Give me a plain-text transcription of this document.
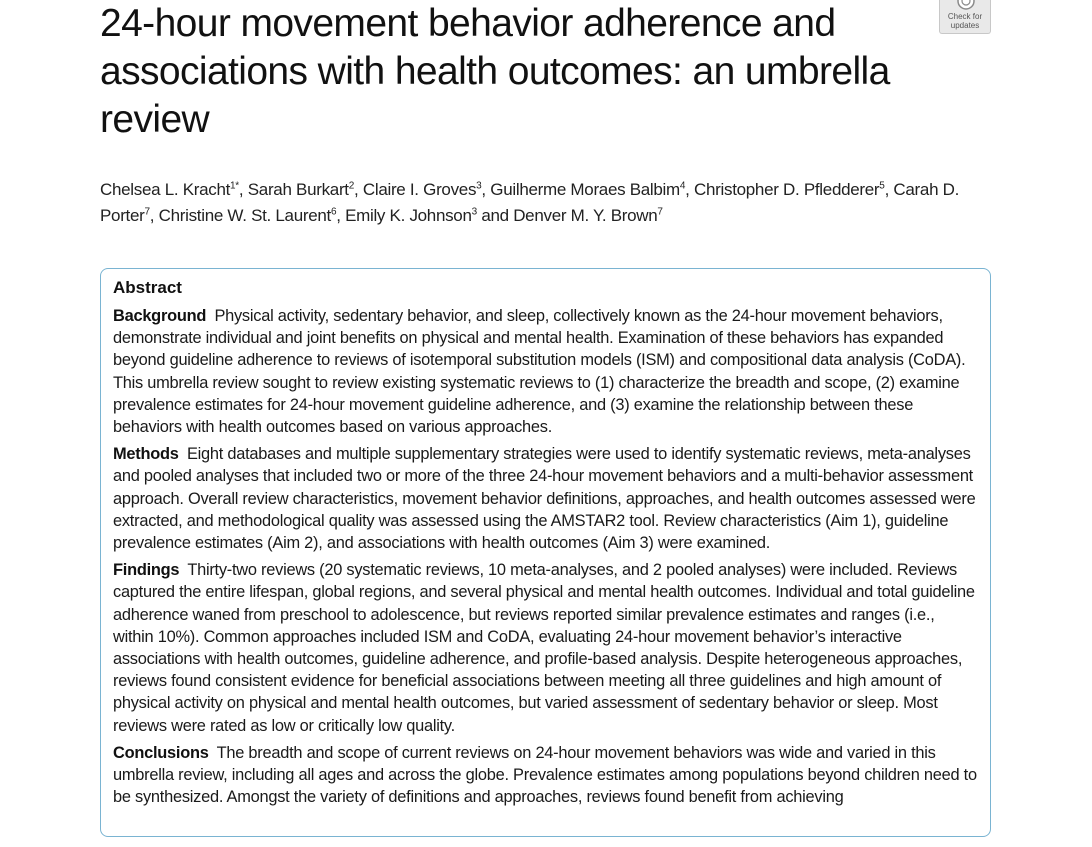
24-hour movement behavior adherence and associations with health outcomes: an umbrella review
Check for
updates
Chelsea L. Kracht$^{1*}$, Sarah Burkart$^2$, Claire I. Groves$^3$, Guilherme Moraes Balbim$^4$, Christopher D. Pfledderer$^5$, Carah D. Porter$^7$, Christine W. St. Laurent$^6$, Emily K. Johnson$^3$ and Denver M. Y. Brown$^7$
Abstract
Background Physical activity, sedentary behavior, and sleep, collectively known as the 24-hour movement behaviors, demonstrate individual and joint benefits on physical and mental health. Examination of these behaviors has expanded beyond guideline adherence to reviews of isotemporal substitution models (ISM) and compositional data analysis (CoDA). This umbrella review sought to review existing systematic reviews to (1) characterize the breadth and scope, (2) examine prevalence estimates for 24-hour movement guideline adherence, and (3) examine the relationship between these behaviors with health outcomes based on various approaches.
Methods Eight databases and multiple supplementary strategies were used to identify systematic reviews, meta-analyses and pooled analyses that included two or more of the three 24-hour movement behaviors and a multi-behavior assessment approach. Overall review characteristics, movement behavior definitions, approaches, and health outcomes assessed were extracted, and methodological quality was assessed using the AMSTAR2 tool. Review characteristics (Aim 1), guideline prevalence estimates (Aim 2), and associations with health outcomes (Aim 3) were examined.
Findings Thirty-two reviews (20 systematic reviews, 10 meta-analyses, and 2 pooled analyses) were included. Reviews captured the entire lifespan, global regions, and several physical and mental health outcomes. Individual and total guideline adherence waned from preschool to adolescence, but reviews reported similar prevalence estimates and ranges (i.e., within 10%). Common approaches included ISM and CoDA, evaluating 24-hour movement behavior’s interactive associations with health outcomes, guideline adherence, and profile-based analysis. Despite heterogeneous approaches, reviews found consistent evidence for beneficial associations between meeting all three guidelines and high amount of physical activity on physical and mental health outcomes, but varied assessment of sedentary behavior or sleep. Most reviews were rated as low or critically low quality.
Conclusions The breadth and scope of current reviews on 24-hour movement behaviors was wide and varied in this umbrella review, including all ages and across the globe. Prevalence estimates among populations beyond children need to be synthesized. Amongst the variety of definitions and approaches, reviews found benefit from achieving
